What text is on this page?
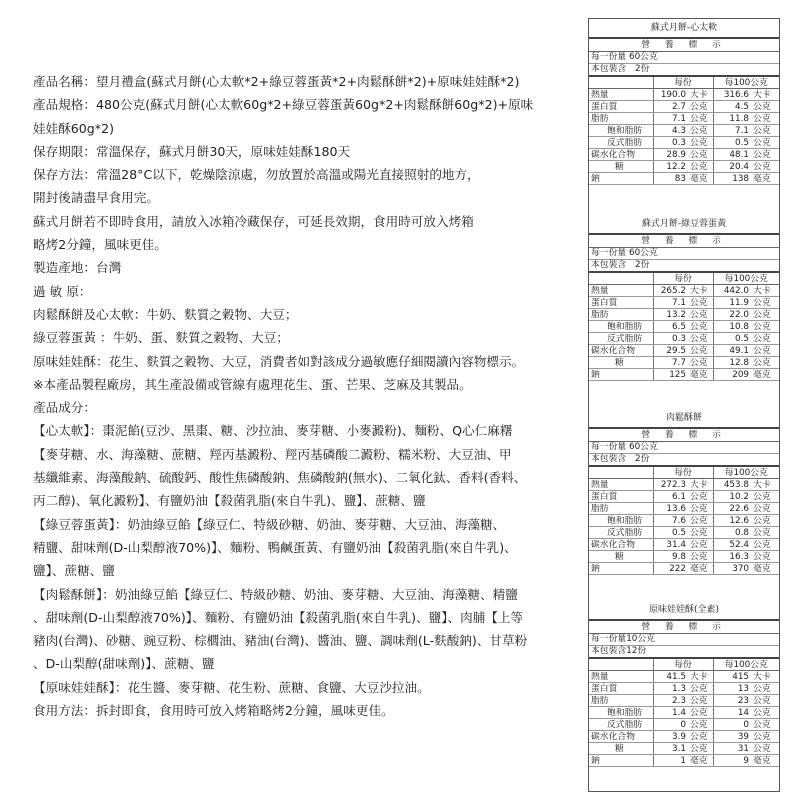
產品名稱：望月禮盒(蘇式月餅(心太軟*2+綠豆蓉蛋黃*2+肉鬆酥餅*2)+原味娃娃酥*2)

產品規格：480公克(蘇式月餅(心太軟60g*2+綠豆蓉蛋黃60g*2+肉鬆酥餅60g*2)+原味

娃娃酥60g*2)

保存期限：常溫保存，蘇式月餅30天，原味娃娃酥180天

保存方法：常溫28°C以下，乾燥陰涼處，勿放置於高溫或陽光直接照射的地方，

開封後請盡早食用完。

蘇式月餅若不即時食用，請放入冰箱冷藏保存，可延長效期，食用時可放入烤箱

略烤2分鐘，風味更佳。

製造產地：台灣

過 敏 原：

肉鬆酥餅及心太軟：牛奶、麩質之穀物、大豆；

綠豆蓉蛋黃 ：牛奶、蛋、麩質之穀物、大豆；

原味娃娃酥：花生、麩質之穀物、大豆，消費者如對該成分過敏應仔細閱讀內容物標示。

※本產品製程廠房，其生產設備或管線有處理花生、蛋、芒果、芝麻及其製品。

產品成分：

【心太軟】：棗泥餡(豆沙、黑棗、糖、沙拉油、麥芽糖、小麥澱粉)、麵粉、Q心仁麻糬

【麥芽糖、水、海藻糖、蔗糖、羥丙基澱粉、羥丙基磷酸二澱粉、糯米粉、大豆油、甲

基纖維素、海藻酸鈉、硫酸鈣、酸性焦磷酸鈉、焦磷酸鈉(無水)、二氧化鈦、香料(香料、

丙二醇)、氧化澱粉】、有鹽奶油【殺菌乳脂(來自牛乳)、鹽】、蔗糖、鹽

【綠豆蓉蛋黃】：奶油綠豆餡【綠豆仁、特級砂糖、奶油、麥芽糖、大豆油、海藻糖、

精鹽、甜味劑(D-山梨醇液70%)】、麵粉、鴨鹹蛋黃、有鹽奶油【殺菌乳脂(來自牛乳)、

鹽】、蔗糖、鹽

【肉鬆酥餅】：奶油綠豆餡【綠豆仁、特級砂糖、奶油、麥芽糖、大豆油、海藻糖、精鹽

、甜味劑(D-山梨醇液70%)】、麵粉、有鹽奶油【殺菌乳脂(來自牛乳)、鹽】、肉脯【上等

豬肉(台灣)、砂糖、豌豆粉、棕櫚油、豬油(台灣)、醬油、鹽、調味劑(L-麩酸鈉)、甘草粉

、D-山梨醇(甜味劑)】、蔗糖、鹽

【原味娃娃酥】：花生醬、麥芽糖、花生粉、蔗糖、食鹽、大豆沙拉油。

食用方法：拆封即食，食用時可放入烤箱略烤2分鐘，風味更佳。

蘇式月餅-心太軟
營 養 標 示
每一份量 60公克
本包裝含　2份
	每份		每100公克	
熱量	190.0	大卡	316.6	大卡
蛋白質	2.7	公克	4.5	公克
脂肪	7.1	公克	11.8	公克
飽和脂肪	4.3	公克	7.1	公克
反式脂肪	0.3	公克	0.5	公克
碳水化合物	28.9	公克	48.1	公克
糖	12.2	公克	20.4	公克
鈉	83	毫克	138	毫克
蘇式月餅-綠豆蓉蛋黃
營 養 標 示
每一份量 60公克
本包裝含　2份
	每份		每100公克	
熱量	265.2	大卡	442.0	大卡
蛋白質	7.1	公克	11.9	公克
脂肪	13.2	公克	22.0	公克
飽和脂肪	6.5	公克	10.8	公克
反式脂肪	0.3	公克	0.5	公克
碳水化合物	29.5	公克	49.1	公克
糖	7.7	公克	12.8	公克
鈉	125	毫克	209	毫克
肉鬆酥餅
營 養 標 示
每一份量 60公克
本包裝含　2份
	每份		每100公克	
熱量	272.3	大卡	453.8	大卡
蛋白質	6.1	公克	10.2	公克
脂肪	13.6	公克	22.6	公克
飽和脂肪	7.6	公克	12.6	公克
反式脂肪	0.5	公克	0.8	公克
碳水化合物	31.4	公克	52.4	公克
糖	9.8	公克	16.3	公克
鈉	222	毫克	370	毫克
原味娃娃酥(全素)
營 養 標 示
每一份量10公克
本包裝含12份
	每份		每100公克	
熱量	41.5	大卡	415	大卡
蛋白質	1.3	公克	13	公克
脂肪	2.3	公克	23	公克
飽和脂肪	1.4	公克	14	公克
反式脂肪	0	公克	0	公克
碳水化合物	3.9	公克	39	公克
糖	3.1	公克	31	公克
鈉	1	毫克	9	毫克
